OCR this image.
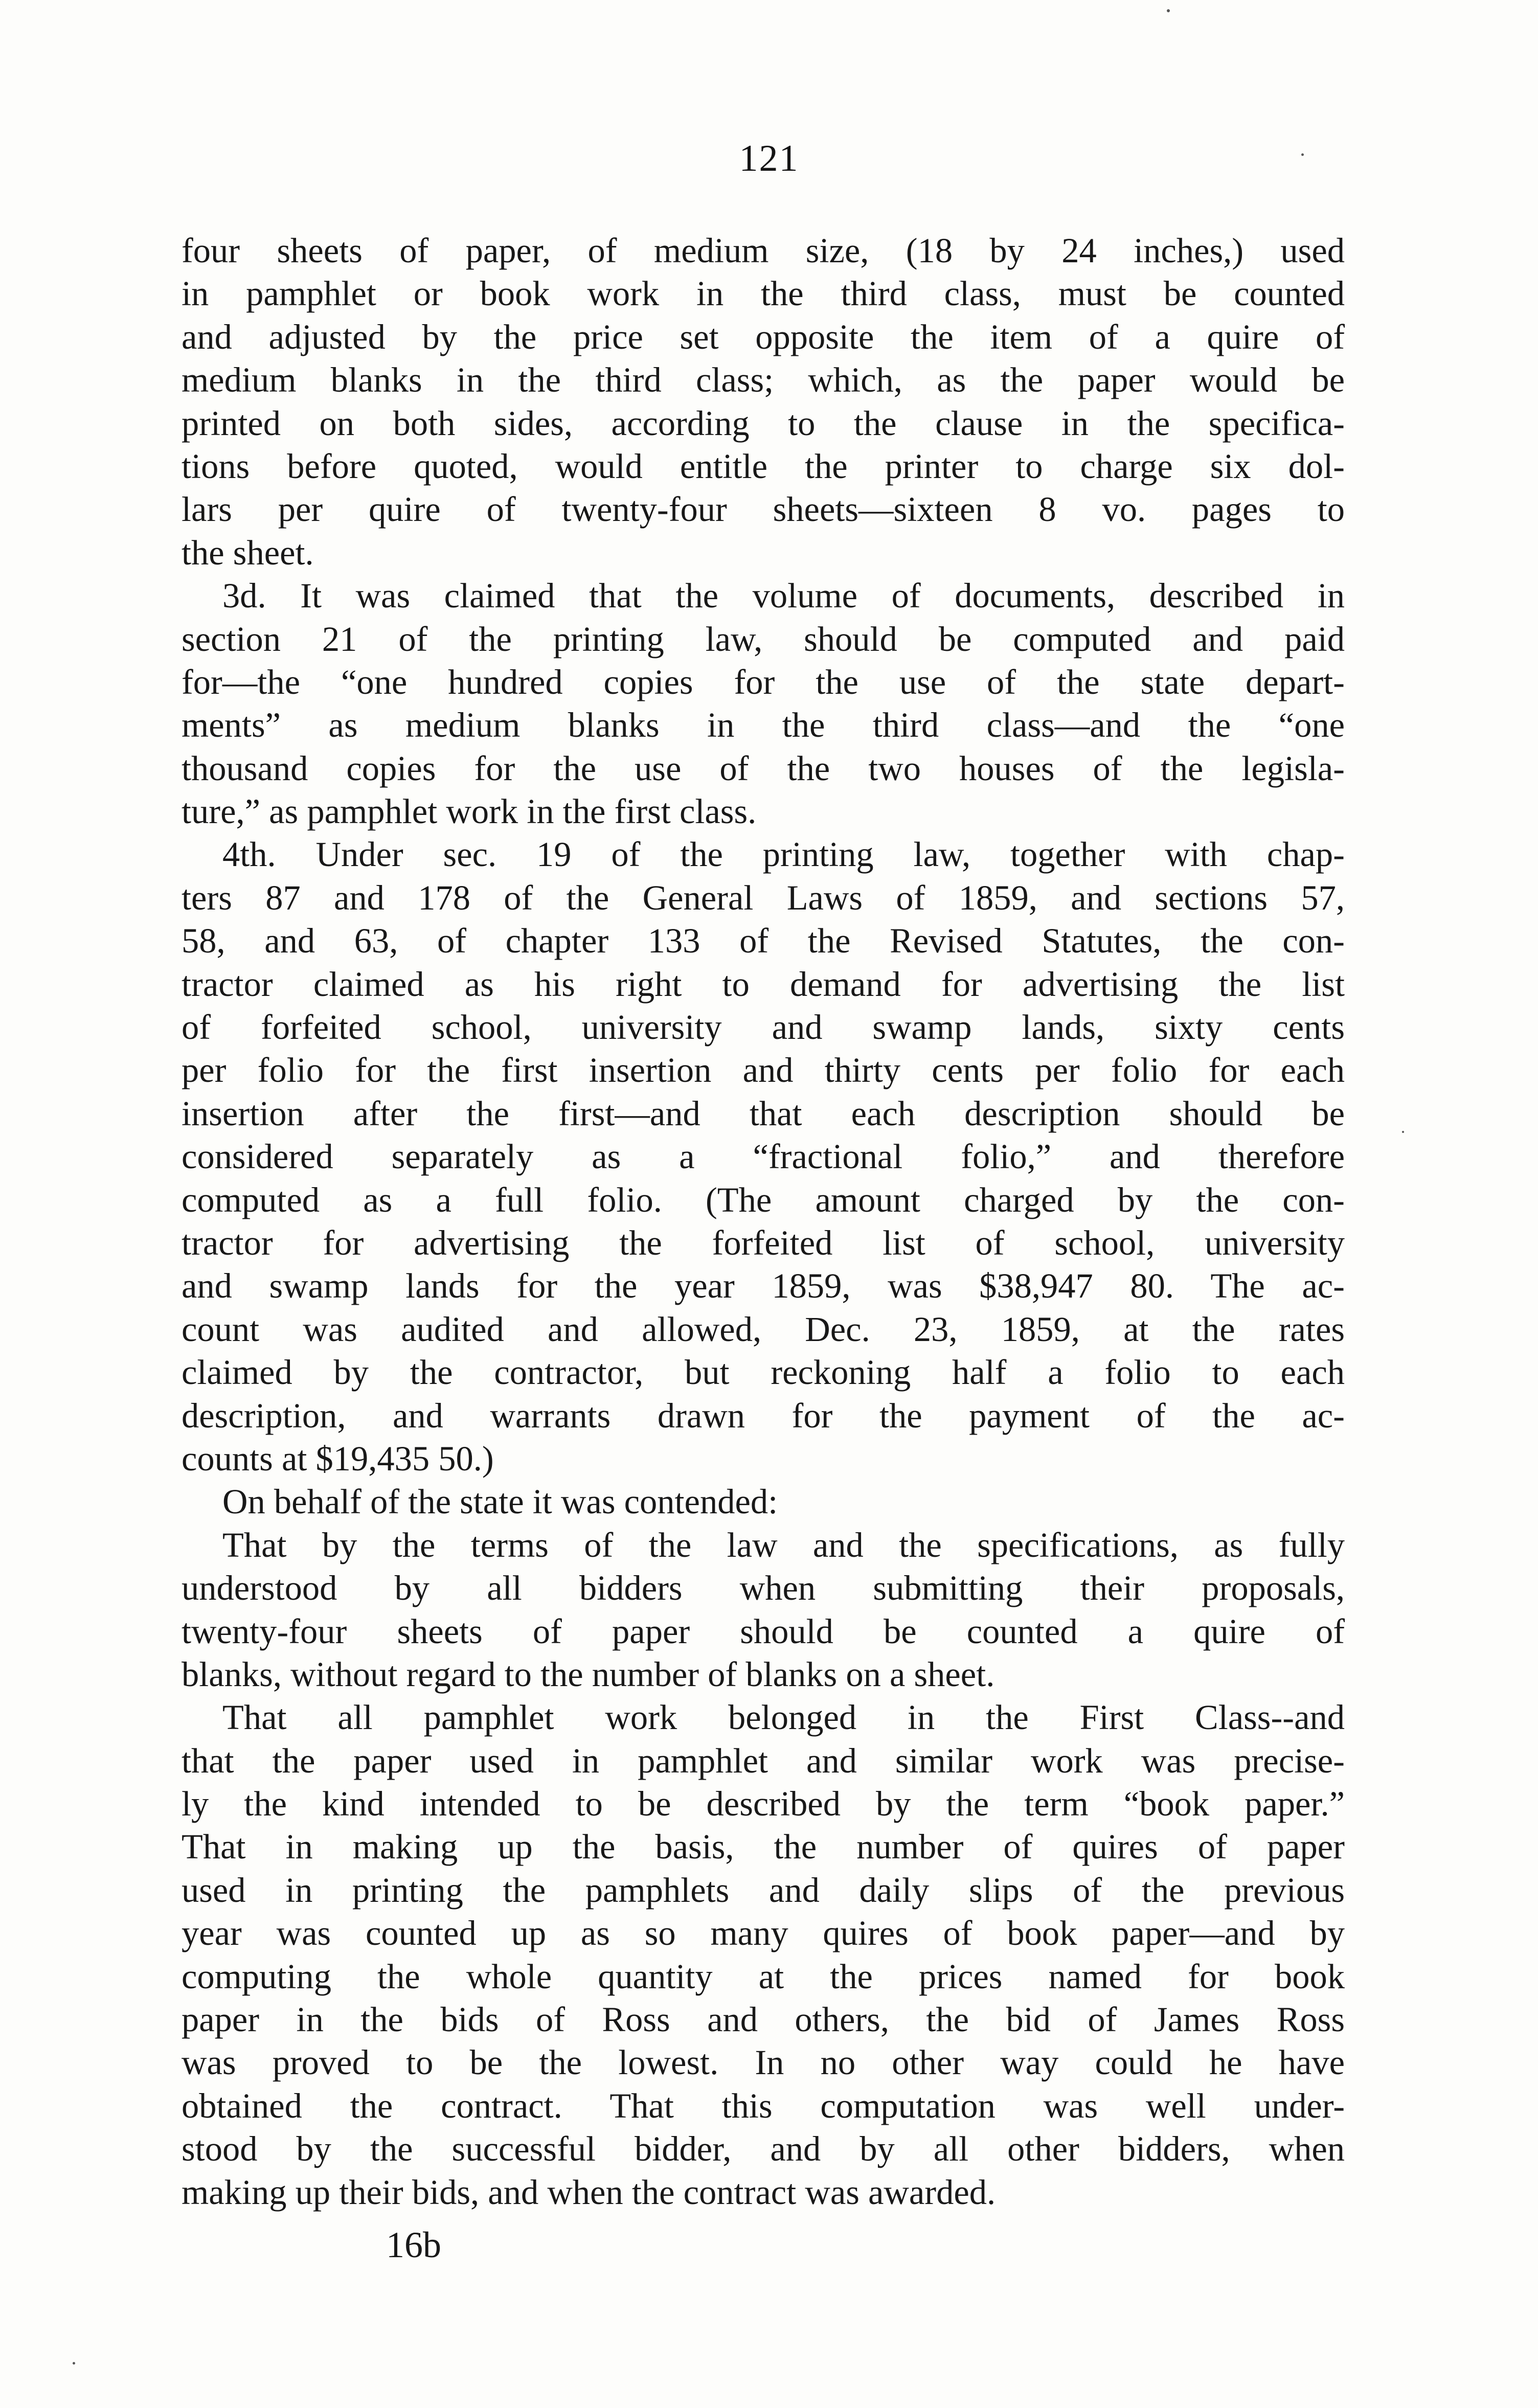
121
four sheets of paper, of medium size, (18 by 24 inches,) used
in pamphlet or book work in the third class, must be counted
and adjusted by the price set opposite the item of a quire of
medium blanks in the third class; which, as the paper would be
printed on both sides, according to the clause in the specifica-
tions before quoted, would entitle the printer to charge six dol-
lars per quire of twenty-four sheets—sixteen 8 vo. pages to
the sheet.
3d. It was claimed that the volume of documents, described in
section 21 of the printing law, should be computed and paid
for—the “one hundred copies for the use of the state depart-
ments” as medium blanks in the third class—and the “one
thousand copies for the use of the two houses of the legisla-
ture,” as pamphlet work in the first class.
4th. Under sec. 19 of the printing law, together with chap-
ters 87 and 178 of the General Laws of 1859, and sections 57,
58, and 63, of chapter 133 of the Revised Statutes, the con-
tractor claimed as his right to demand for advertising the list
of forfeited school, university and swamp lands, sixty cents
per folio for the first insertion and thirty cents per folio for each
insertion after the first—and that each description should be
considered separately as a “fractional folio,” and therefore
computed as a full folio. (The amount charged by the con-
tractor for advertising the forfeited list of school, university
and swamp lands for the year 1859, was $38,947 80. The ac-
count was audited and allowed, Dec. 23, 1859, at the rates
claimed by the contractor, but reckoning half a folio to each
description, and warrants drawn for the payment of the ac-
counts at $19,435 50.)
On behalf of the state it was contended:
That by the terms of the law and the specifications, as fully
understood by all bidders when submitting their proposals,
twenty-four sheets of paper should be counted a quire of
blanks, without regard to the number of blanks on a sheet.
That all pamphlet work belonged in the First Class--and
that the paper used in pamphlet and similar work was precise-
ly the kind intended to be described by the term “book paper.”
That in making up the basis, the number of quires of paper
used in printing the pamphlets and daily slips of the previous
year was counted up as so many quires of book paper—and by
computing the whole quantity at the prices named for book
paper in the bids of Ross and others, the bid of James Ross
was proved to be the lowest. In no other way could he have
obtained the contract. That this computation was well under-
stood by the successful bidder, and by all other bidders, when
making up their bids, and when the contract was awarded.
16b
